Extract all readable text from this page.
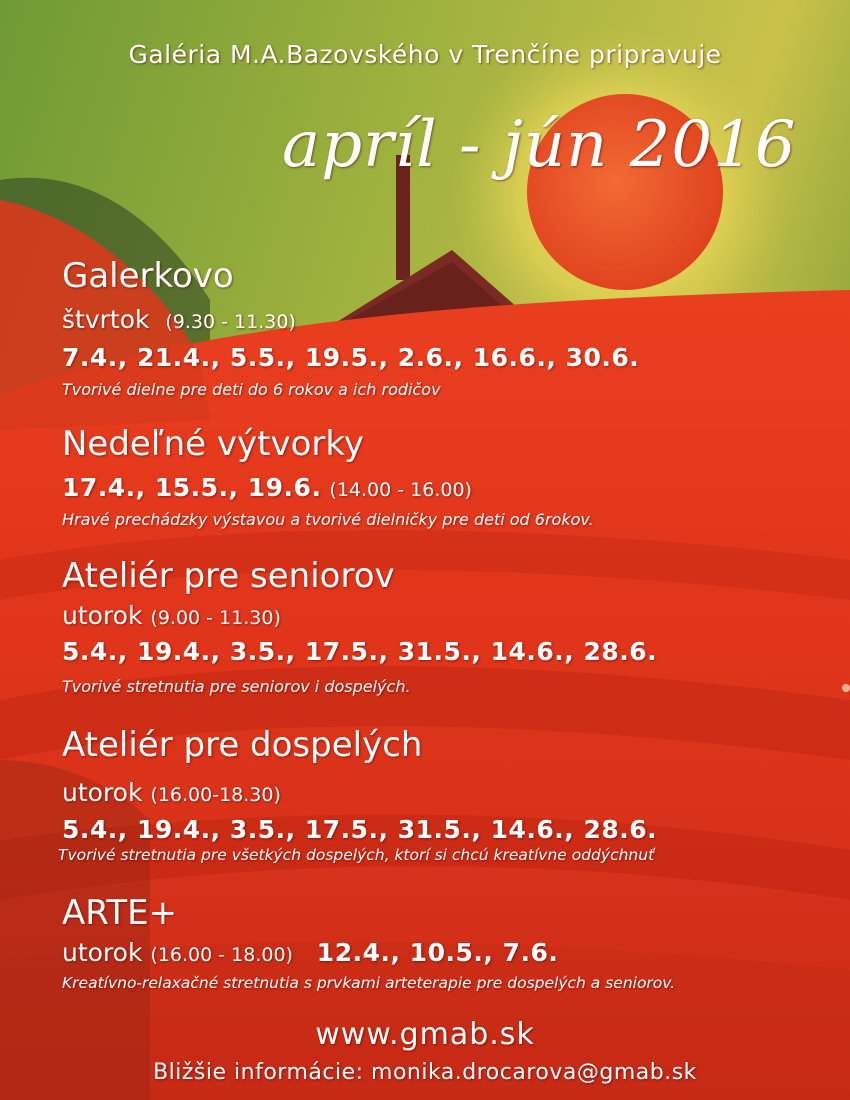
Galéria M.A.Bazovského v Trenčíne pripravuje
apríl - jún 2016
Galerkovo
štvrtok (9.30 - 11.30)
7.4., 21.4., 5.5., 19.5., 2.6., 16.6., 30.6.
Tvorivé dielne pre deti do 6 rokov a ich rodičov
Nedeľné výtvorky
17.4., 15.5., 19.6. (14.00 - 16.00)
Hravé prechádzky výstavou a tvorivé dielničky pre deti od 6rokov.
Ateliér pre seniorov
utorok (9.00 - 11.30)
5.4., 19.4., 3.5., 17.5., 31.5., 14.6., 28.6.
Tvorivé stretnutia pre seniorov i dospelých.
Ateliér pre dospelých
utorok (16.00-18.30)
5.4., 19.4., 3.5., 17.5., 31.5., 14.6., 28.6.
Tvorivé stretnutia pre všetkých dospelých, ktorí si chcú kreatívne oddýchnuť
ARTE+
utorok (16.00 - 18.00) 12.4., 10.5., 7.6.
Kreatívno-relaxačné stretnutia s prvkami arteterapie pre dospelých a seniorov.
www.gmab.sk
Bližšie informácie: monika.drocarova@gmab.sk
